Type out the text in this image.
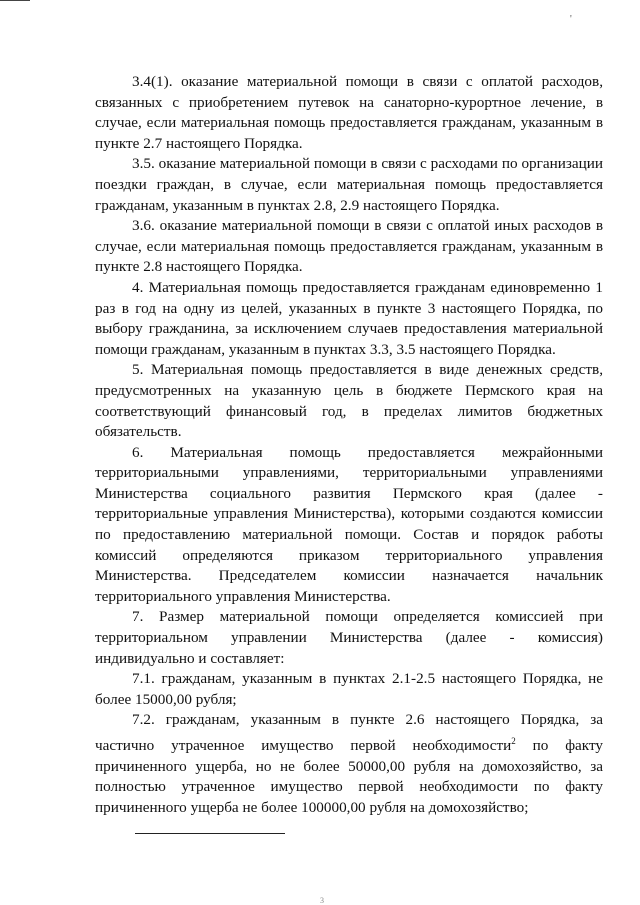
'

3.4(1). оказание материальной помощи в связи с оплатой расходов, связанных с приобретением путевок на санаторно-курортное лечение, в случае, если материальная помощь предоставляется гражданам, указанным в пункте 2.7 настоящего Порядка.

3.5. оказание материальной помощи в связи с расходами по организации поездки граждан, в случае, если материальная помощь предоставляется гражданам, указанным в пунктах 2.8, 2.9 настоящего Порядка.

3.6. оказание материальной помощи в связи с оплатой иных расходов в случае, если материальная помощь предоставляется гражданам, указанным в пункте 2.8 настоящего Порядка.

4. Материальная помощь предоставляется гражданам единовременно 1 раз в год на одну из целей, указанных в пункте 3 настоящего Порядка, по выбору гражданина, за исключением случаев предоставления материальной помощи гражданам, указанным в пунктах 3.3, 3.5 настоящего Порядка.

5. Материальная помощь предоставляется в виде денежных средств, предусмотренных на указанную цель в бюджете Пермского края на соответствующий финансовый год, в пределах лимитов бюджетных обязательств.

6. Материальная помощь предоставляется межрайонными территориальными управлениями, территориальными управлениями Министерства социального развития Пермского края (далее - территориальные управления Министерства), которыми создаются комиссии по предоставлению материальной помощи. Состав и порядок работы комиссий определяются приказом территориального управления Министерства. Председателем комиссии назначается начальник территориального управления Министерства.

7. Размер материальной помощи определяется комиссией при территориальном управлении Министерства (далее - комиссия) индивидуально и составляет:

7.1. гражданам, указанным в пунктах 2.1-2.5 настоящего Порядка, не более 15000,00 рубля;

7.2. гражданам, указанным в пункте 2.6 настоящего Порядка, за частично утраченное имущество первой необходимости$^2$ по факту причиненного ущерба, но не более 50000,00 рубля на домохозяйство, за полностью утраченное имущество первой необходимости по факту причиненного ущерба не более 100000,00 рубля на домохозяйство;

3
